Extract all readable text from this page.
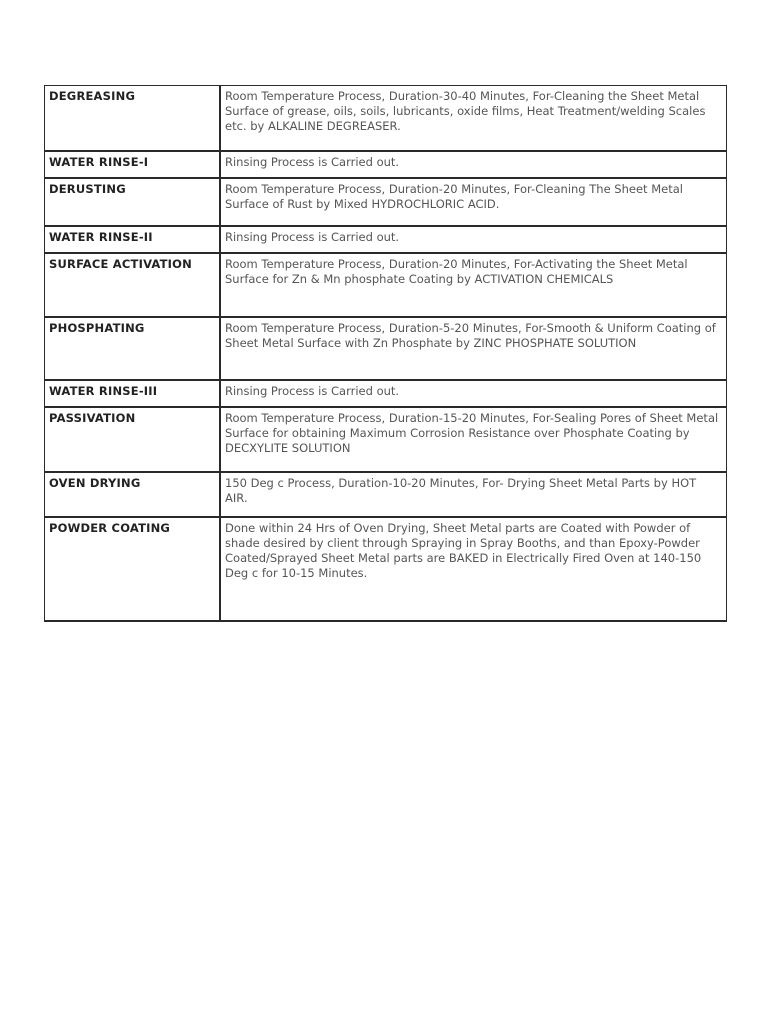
DEGREASING	Room Temperature Process, Duration-30-40 Minutes, For-Cleaning the Sheet Metal Surface of grease, oils, soils, lubricants, oxide films, Heat Treatment/welding Scales etc. by ALKALINE DEGREASER.
WATER RINSE-I	Rinsing Process is Carried out.
DERUSTING	Room Temperature Process, Duration-20 Minutes, For-Cleaning The Sheet Metal Surface of Rust by Mixed HYDROCHLORIC ACID.
WATER RINSE-II	Rinsing Process is Carried out.
SURFACE ACTIVATION	Room Temperature Process, Duration-20 Minutes, For-Activating the Sheet Metal Surface for Zn & Mn phosphate Coating by ACTIVATION CHEMICALS
PHOSPHATING	Room Temperature Process, Duration-5-20 Minutes, For-Smooth & Uniform Coating of Sheet Metal Surface with Zn Phosphate by ZINC PHOSPHATE SOLUTION
WATER RINSE-III	Rinsing Process is Carried out.
PASSIVATION	Room Temperature Process, Duration-15-20 Minutes, For-Sealing Pores of Sheet Metal Surface for obtaining Maximum Corrosion Resistance over Phosphate Coating by DECXYLITE SOLUTION
OVEN DRYING	150 Deg c Process, Duration-10-20 Minutes, For- Drying Sheet Metal Parts by HOT AIR.
POWDER COATING	Done within 24 Hrs of Oven Drying, Sheet Metal parts are Coated with Powder of shade desired by client through Spraying in Spray Booths, and than Epoxy-Powder Coated/Sprayed Sheet Metal parts are BAKED in Electrically Fired Oven at 140-150 Deg c for 10-15 Minutes.
